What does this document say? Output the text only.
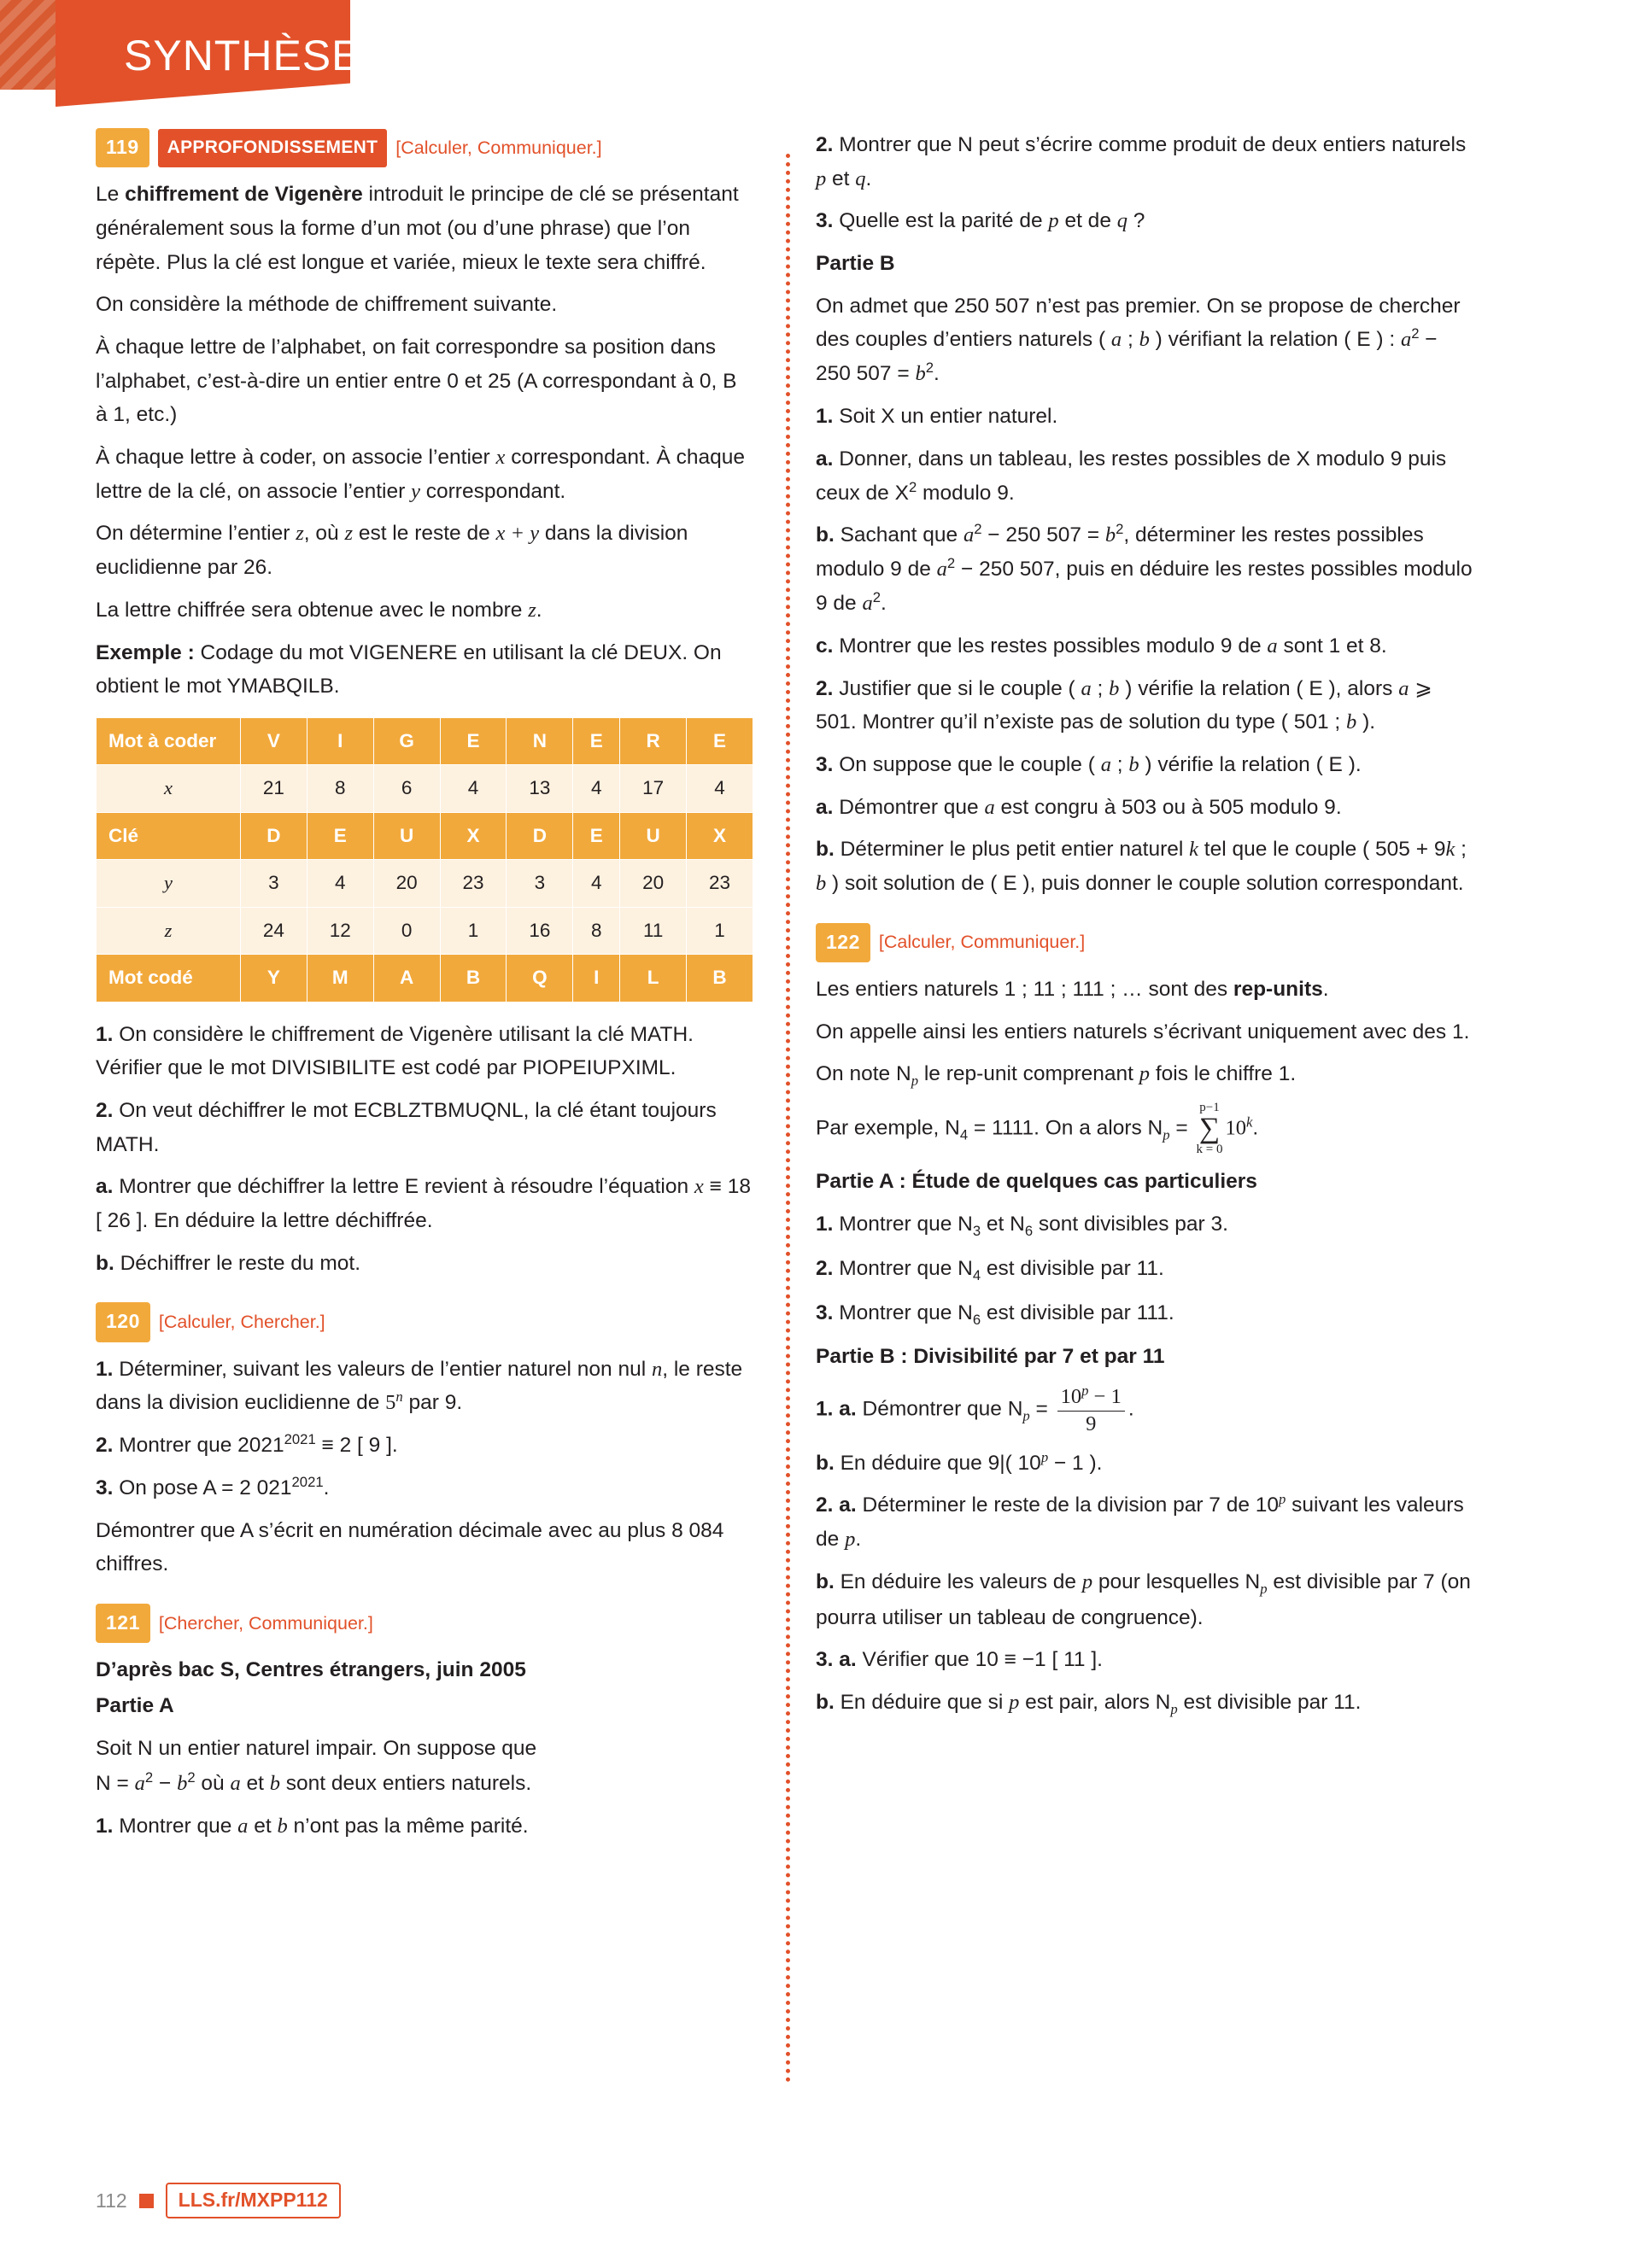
SYNTHÈSE
119	APPROFONDISSEMENT [Calculer, Communiquer.]

Le chiffrement de Vigenère introduit le principe de clé se présentant généralement sous la forme d’un mot (ou d’une phrase) que l’on répète. Plus la clé est longue et variée, mieux le texte sera chiffré.

On considère la méthode de chiffrement suivante.

À chaque lettre de l’alphabet, on fait correspondre sa position dans l’alphabet, c’est-à-dire un entier entre 0 et 25 (A correspondant à 0, B à 1, etc.)

À chaque lettre à coder, on associe l’entier x correspondant. À chaque lettre de la clé, on associe l’entier y correspondant.

On détermine l’entier z, où z est le reste de x + y dans la division euclidienne par 26.

La lettre chiffrée sera obtenue avec le nombre z.

Exemple : Codage du mot VIGENERE en utilisant la clé DEUX. On obtient le mot YMABQILB.

Mot à coder	V	I	G	E	N	E	R	E
x	21	8	6	4	13	4	17	4
Clé	D	E	U	X	D	E	U	X
y	3	4	20	23	3	4	20	23
z	24	12	0	1	16	8	11	1
Mot codé	Y	M	A	B	Q	I	L	B

1. On considère le chiffrement de Vigenère utilisant la clé MATH. Vérifier que le mot DIVISIBILITE est codé par PIOPEIUPXIML.

2. On veut déchiffrer le mot ECBLZTBMUQNL, la clé étant toujours MATH.

a. Montrer que déchiffrer la lettre E revient à résoudre l’équation x ≡ 18 [ 26 ]. En déduire la lettre déchiffrée.

b. Déchiffrer le reste du mot.

120	[Calculer, Chercher.]

1. Déterminer, suivant les valeurs de l’entier naturel non nul n, le reste dans la division euclidienne de 5$^n$ par 9.

2. Montrer que $2021^{2021} \equiv 2$ [ 9 ].

3. On pose A = 2 $021^{2021}$.

Démontrer que A s’écrit en numération décimale avec au plus 8 084 chiffres.

121	[Chercher, Communiquer.]

D’après bac S, Centres étrangers, juin 2005

Partie A

Soit N un entier naturel impair. On suppose que

$N = a^2 - b^2$ où a et b sont deux entiers naturels.

1. Montrer que a et b n’ont pas la même parité.

2. Montrer que N peut s’écrire comme produit de deux entiers naturels p et q.

3. Quelle est la parité de p et de q ?

Partie B

On admet que 250 507 n’est pas premier. On se propose de chercher des couples d’entiers naturels ( a ; b ) vérifiant la relation ( E ) : $a^2 - 250$ $507 = b^2$.

1. Soit X un entier naturel.

a. Donner, dans un tableau, les restes possibles de X modulo 9 puis ceux de $X^2$ modulo 9.

b. Sachant que $a^2 - 250$ $507 = b^2$, déterminer les restes possibles modulo 9 de $a^2 - 250$ 507, puis en déduire les restes possibles modulo 9 de $a^2$.

c. Montrer que les restes possibles modulo 9 de a sont 1 et 8.

2. Justifier que si le couple ( a ; b ) vérifie la relation ( E ), alors a ⩾ 501. Montrer qu’il n’existe pas de solution du type ( 501 ; b ).

3. On suppose que le couple ( a ; b ) vérifie la relation ( E ).

a. Démontrer que a est congru à 503 ou à 505 modulo 9.

b. Déterminer le plus petit entier naturel k tel que le couple ( 505 + 9k ; b ) soit solution de ( E ), puis donner le couple solution correspondant.

122	[Calculer, Communiquer.]

Les entiers naturels 1 ; 11 ; 111 ; … sont des rep-units.

On appelle ainsi les entiers naturels s’écrivant uniquement avec des 1.

On note $N_p$ le rep-unit comprenant p fois le chiffre 1.

Par exemple, $N_4 = 1111$. On a alors $N_p$ =
p−1
∑
k = 0
10$^k$.

Partie A : Étude de quelques cas particuliers

1. Montrer que $N_3$ et $N_6$ sont divisibles par 3.

2. Montrer que $N_4$ est divisible par 11.

3. Montrer que $N_6$ est divisible par 111.

Partie B : Divisibilité par 7 et par 11

1. a. Démontrer que $N_p = \frac{10^p - 1}{9}$ .

b. En déduire que 9|( $10^p - 1$ ).

2. a. Déterminer le reste de la division par 7 de 10$^p$ suivant les valeurs de p.

b. En déduire les valeurs de p pour lesquelles $N_p$ est divisible par 7 (on pourra utiliser un tableau de congruence).

3. a. Vérifier que 10 ≡ −1 [ 11 ].

b. En déduire que si p est pair, alors $N_p$ est divisible par 11.

112	LLS.fr/MXPP112
